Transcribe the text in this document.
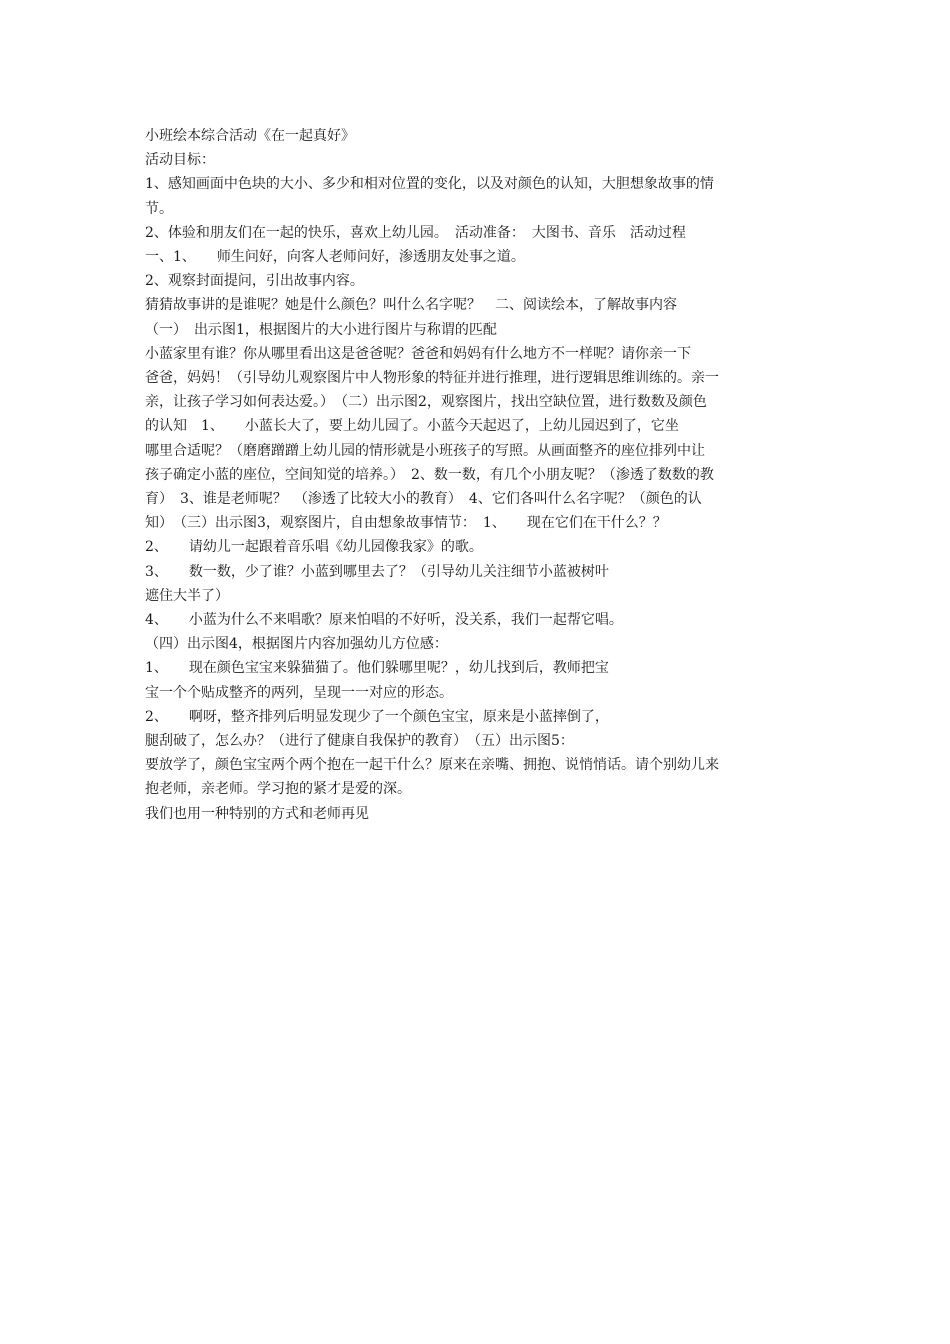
小班绘本综合活动《在一起真好》
活动目标：
1、感知画面中色块的大小、多少和相对位置的变化，以及对颜色的认知，大胆想象故事的情
节。
2、体验和朋友们在一起的快乐，喜欢上幼儿园。　活动准备：　大图书、音乐　活动过程
一、1、　　师生问好，向客人老师问好，渗透朋友处事之道。
2、观察封面提问，引出故事内容。
猜猜故事讲的是谁呢？她是什么颜色？叫什么名字呢？　二、阅读绘本，了解故事内容
（一）　出示图1，根据图片的大小进行图片与称谓的匹配
小蓝家里有谁？你从哪里看出这是爸爸呢？爸爸和妈妈有什么地方不一样呢？请你亲一下
爸爸，妈妈！（引导幼儿观察图片中人物形象的特征并进行推理，进行逻辑思维训练的。亲一
亲，让孩子学习如何表达爱。）　（二）出示图2，观察图片，找出空缺位置，进行数数及颜色
的认知　1、　　小蓝长大了，要上幼儿园了。小蓝今天起迟了，上幼儿园迟到了，它坐
哪里合适呢？（磨磨蹭蹭上幼儿园的情形就是小班孩子的写照。从画面整齐的座位排列中让
孩子确定小蓝的座位，空间知觉的培养。）　2、数一数，有几个小朋友呢？（渗透了数数的教
育）　3、谁是老师呢？　（渗透了比较大小的教育）　4、它们各叫什么名字呢？（颜色的认
知）　（三）出示图3，观察图片，自由想象故事情节：　1、　　现在它们在干什么？？
2、　　请幼儿一起跟着音乐唱《幼儿园像我家》的歌。
3、　　数一数，少了谁？小蓝到哪里去了？（引导幼儿关注细节小蓝被树叶
遮住大半了）
4、　　小蓝为什么不来唱歌？原来怕唱的不好听，没关系，我们一起帮它唱。
（四）出示图4，根据图片内容加强幼儿方位感：
1、　　现在颜色宝宝来躲猫猫了。他们躲哪里呢？，幼儿找到后，教师把宝
宝一个个贴成整齐的两列，呈现一一对应的形态。
2、　　啊呀，整齐排列后明显发现少了一个颜色宝宝，原来是小蓝摔倒了，
腿刮破了，怎么办？（进行了健康自我保护的教育）　（五）出示图5：
要放学了，颜色宝宝两个两个抱在一起干什么？原来在亲嘴、拥抱、说悄悄话。请个别幼儿来
抱老师，亲老师。学习抱的紧才是爱的深。
我们也用一种特别的方式和老师再见
